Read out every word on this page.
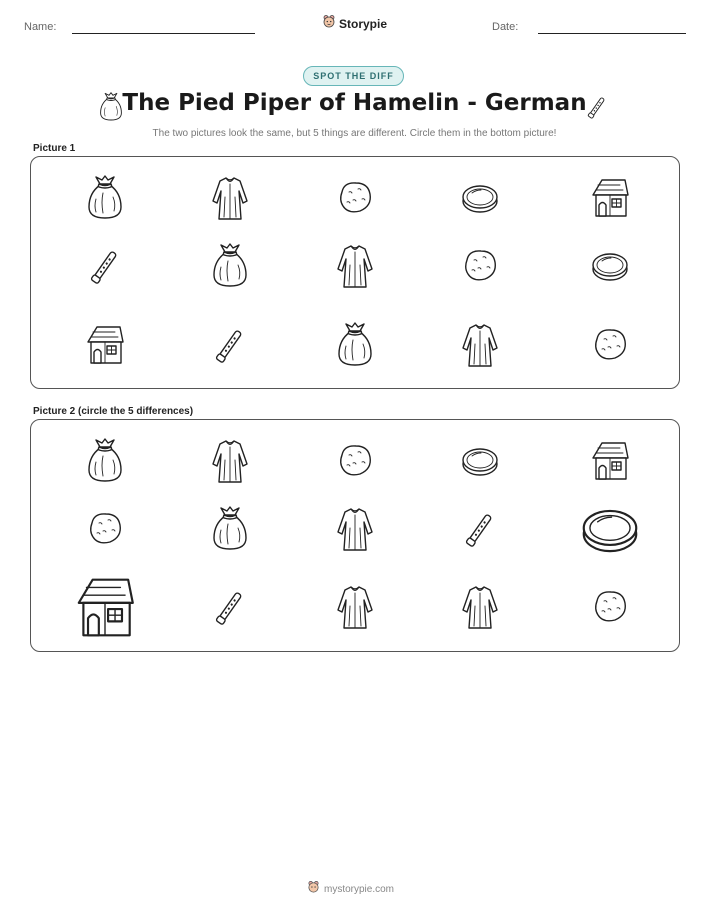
Name:	Storypie	Date:
SPOT THE DIFF
The Pied Piper of Hamelin - German
The two pictures look the same, but 5 things are different. Circle them in the bottom picture!
Picture 1
Picture 2 (circle the 5 differences)
mystorypie.com
